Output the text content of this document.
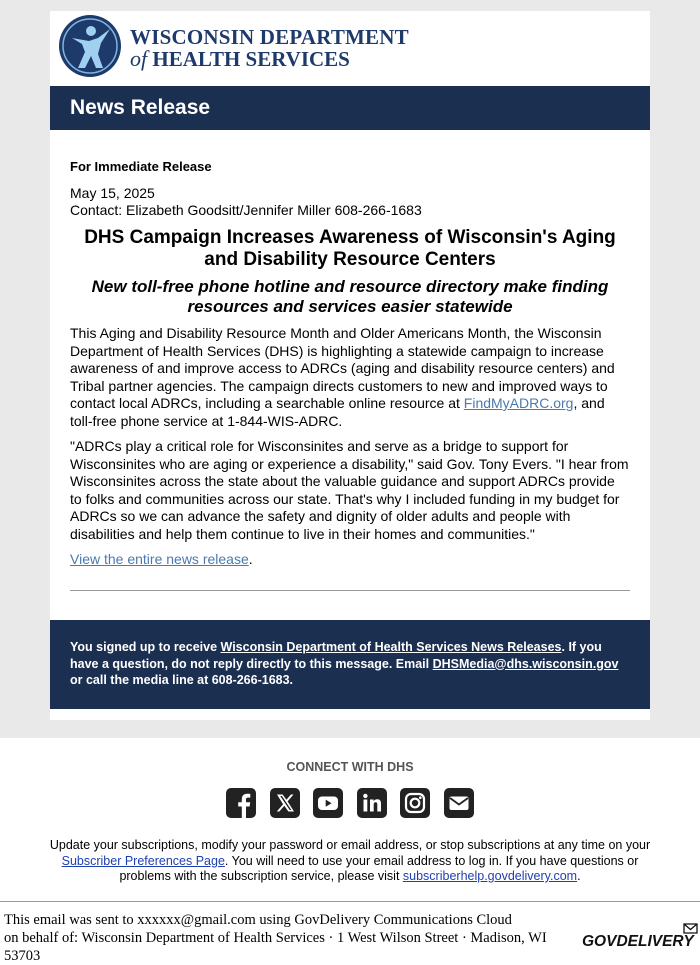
WISCONSIN DEPARTMENT
of HEALTH SERVICES
News Release

For Immediate Release

May 15, 2025
Contact: Elizabeth Goodsitt/Jennifer Miller 608-266-1683

DHS Campaign Increases Awareness of Wisconsin's Aging and Disability Resource Centers

New toll-free phone hotline and resource directory make finding resources and services easier statewide

This Aging and Disability Resource Month and Older Americans Month, the Wisconsin Department of Health Services (DHS) is highlighting a statewide campaign to increase awareness of and improve access to ADRCs (aging and disability resource centers) and Tribal partner agencies. The campaign directs customers to new and improved ways to contact local ADRCs, including a searchable online resource at FindMyADRC.org, and toll-free phone service at 1-844-WIS-ADRC.

"ADRCs play a critical role for Wisconsinites and serve as a bridge to support for Wisconsinites who are aging or experience a disability," said Gov. Tony Evers. "I hear from Wisconsinites across the state about the valuable guidance and support ADRCs provide to folks and communities across our state. That's why I included funding in my budget for ADRCs so we can advance the safety and dignity of older adults and people with disabilities and help them continue to live in their homes and communities."

View the entire news release.

You signed up to receive Wisconsin Department of Health Services News Releases. If you have a question, do not reply directly to this message. Email DHSMedia@dhs.wisconsin.gov or call the media line at 608-266-1683.

CONNECT WITH DHS
Update your subscriptions, modify your password or email address, or stop subscriptions at any time on your Subscriber Preferences Page. You will need to use your email address to log in. If you have questions or problems with the subscription service, please visit subscriberhelp.govdelivery.com.
This email was sent to xxxxxx@gmail.com using GovDelivery Communications Cloud
on behalf of: Wisconsin Department of Health Services · 1 West Wilson Street · Madison, WI 53703
GOVDELIVERY
